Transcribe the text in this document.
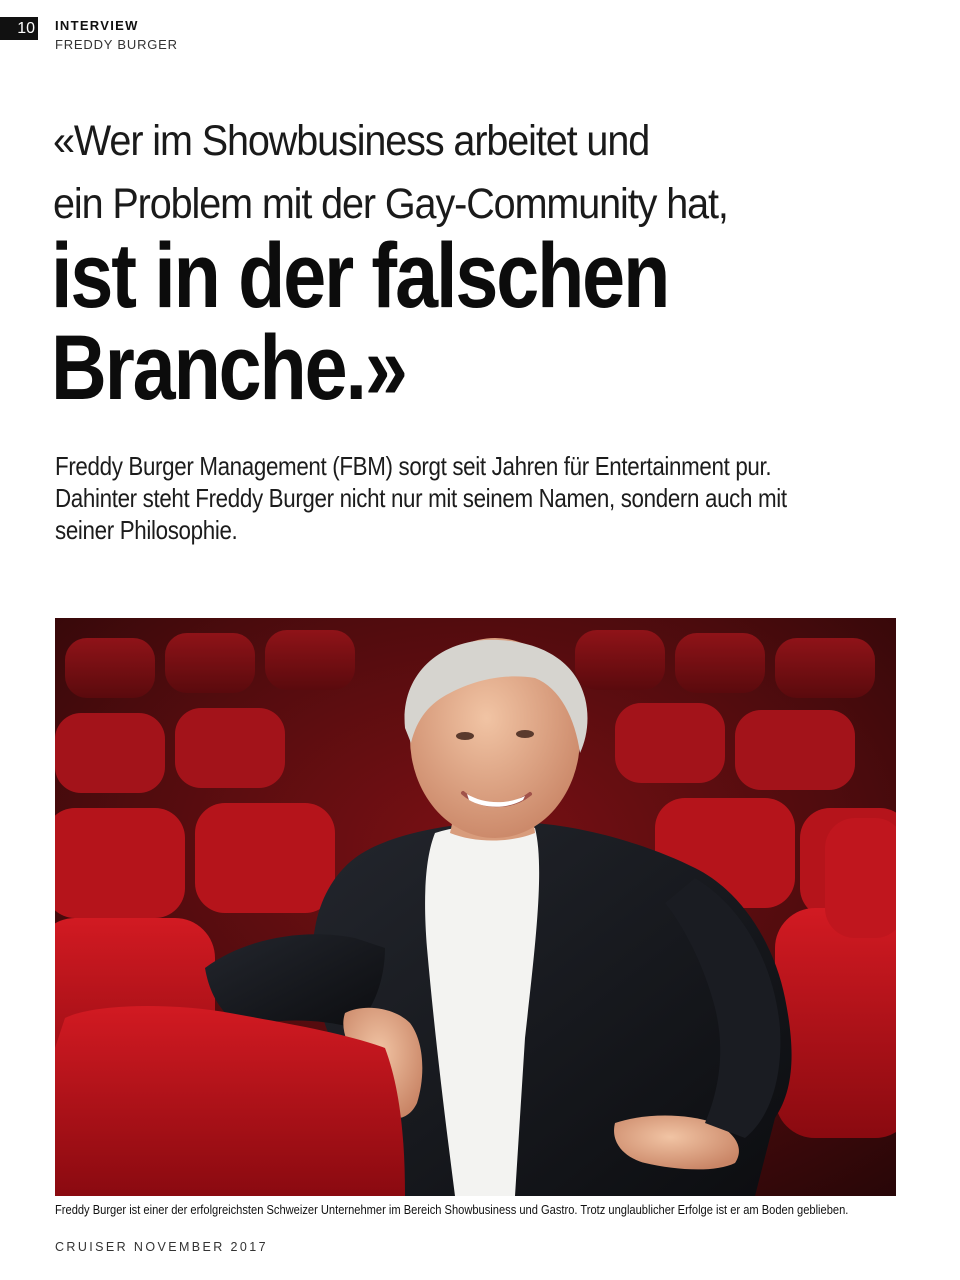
10 INTERVIEW
FREDDY BURGER
«Wer im Showbusiness arbeitet und
ein Problem mit der Gay-Community hat,
ist in der falschen
Branche.»
Freddy Burger Management (FBM) sorgt seit Jahren für Entertainment pur.
Dahinter steht Freddy Burger nicht nur mit seinem Namen, sondern auch mit
seiner Philosophie.
Freddy Burger ist einer der erfolgreichsten Schweizer Unternehmer im Bereich Showbusiness und Gastro. Trotz unglaublicher Erfolge ist er am Boden geblieben.
CRUISER NOVEMBER 2017
